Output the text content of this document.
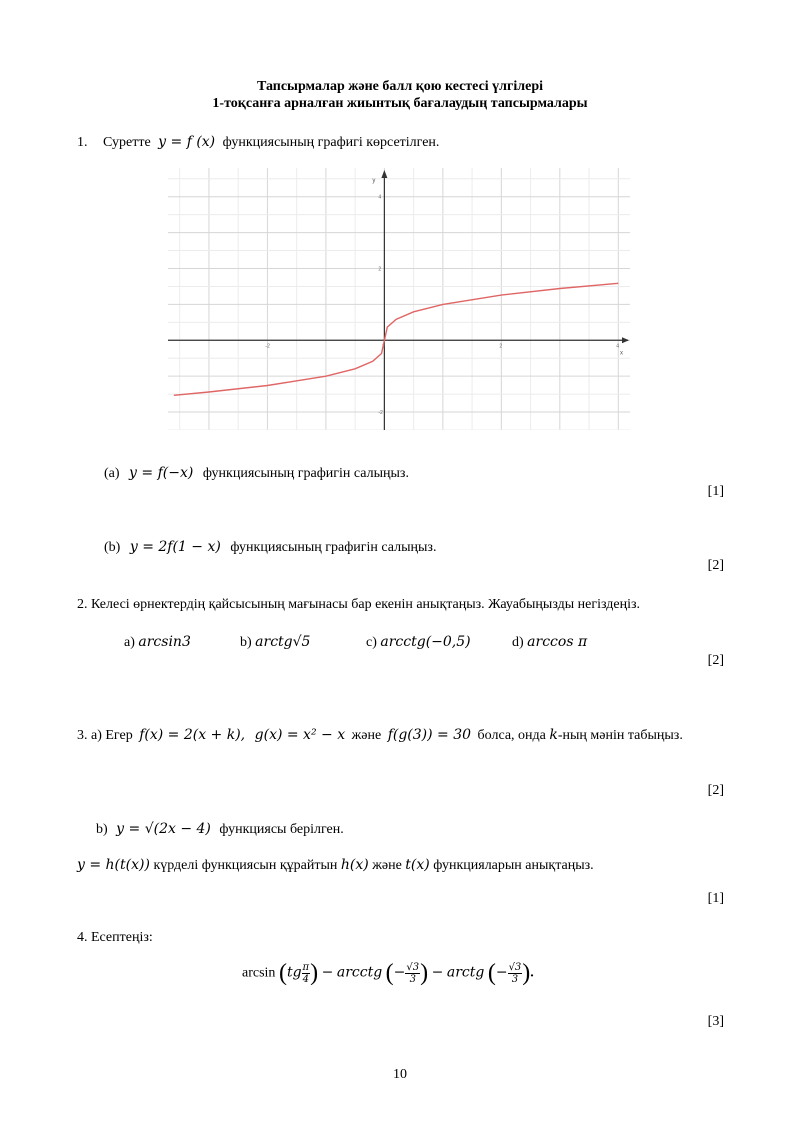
Тапсырмалар және балл қою кестесі үлгілері
1-тоқсанға арналған жиынтық бағалаудың тапсырмалары
1. Суретте y = f (x) функциясының графигі көрсетілген.
x
y
-2	0	2	4
-2
2
4
(a) y = f(−x) функциясының графигін салыңыз.
[1]
(b) y = 2f(1 − x) функциясының графигін салыңыз.
[2]
2. Келесі өрнектердің қайсысының мағынасы бар екенін анықтаңыз. Жауабыңызды негіздеңіз.
a) arcsin3	b) arctg√5	c) arcctg(−0,5)	d) arccos π
[2]
3. a) Егер f(x) = 2(x + k), g(x) = x² − x және f(g(3)) = 30 болса, онда k-ның мәнін табыңыз.
[2]
b) y = √(2x − 4) функциясы берілген.
y = h(t(x)) күрделі функциясын құрайтын h(x) және t(x) функцияларын анықтаңыз.
[1]
4. Есептеңіз:
$\arcsin (tg \frac{\pi}{4}$ ) − arcctg (− $\frac{√3}{3}$ ) − arctg (− $\frac{√3}{3}$ ).
[3]
10
